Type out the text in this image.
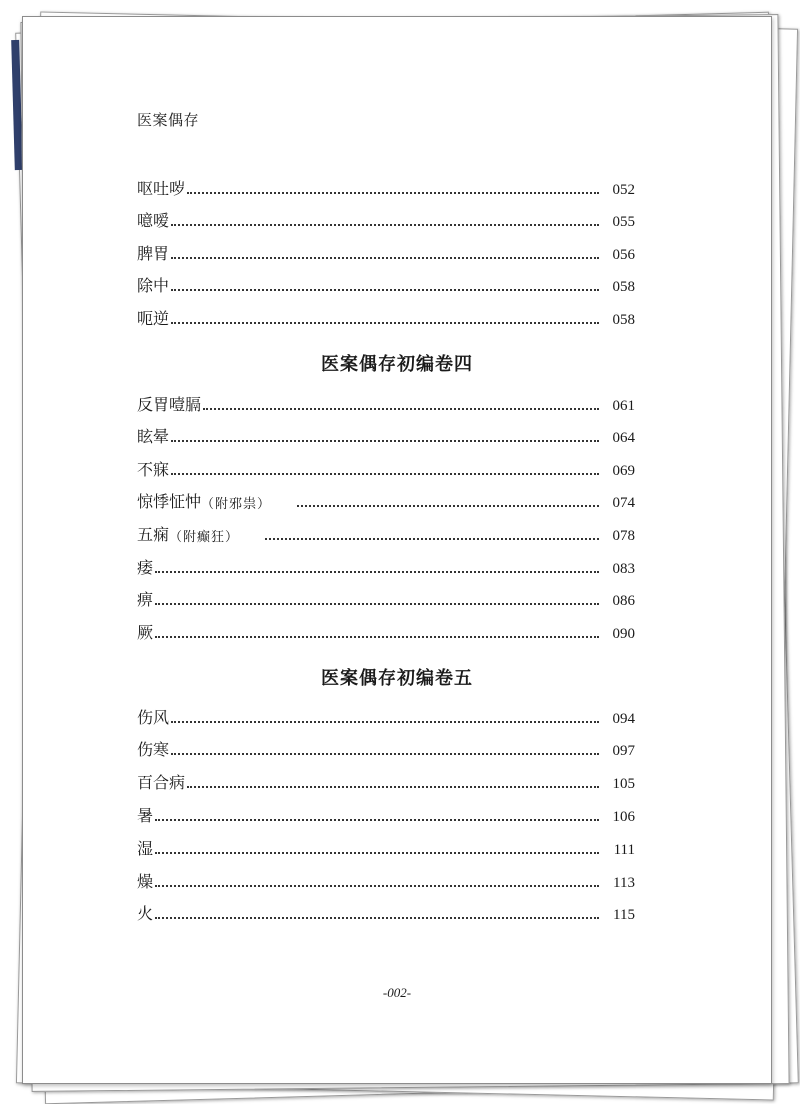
医案偶存
呕吐哕	052
噫嗳	055
脾胃	056
除中	058
呃逆	058
医案偶存初编卷四
反胃噎膈	061
眩晕	064
不寐	069
惊悸怔忡 （附邪祟）	074
五痫 （附癫狂）	078
痿	083
痹	086
厥	090
医案偶存初编卷五
伤风	094
伤寒	097
百合病	105
暑	106
湿	111
燥	113
火	115
-002-
